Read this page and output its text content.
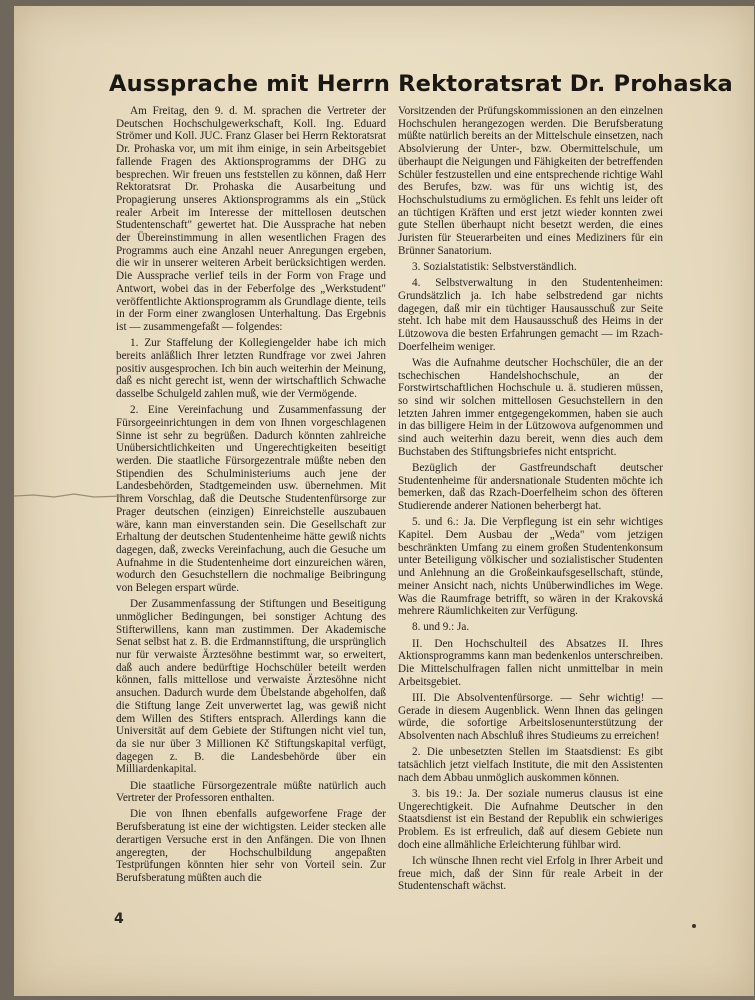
Aussprache mit Herrn Rektoratsrat Dr. Prohaska

Am Freitag, den 9. d. M. sprachen die Vertreter der Deutschen Hochschulgewerkschaft, Koll. Ing. Eduard Strömer und Koll. JUC. Franz Glaser bei Herrn Rektoratsrat Dr. Prohaska vor, um mit ihm einige, in sein Arbeitsgebiet fallende Fragen des Aktionsprogramms der DHG zu besprechen. Wir freuen uns feststellen zu können, daß Herr Rektoratsrat Dr. Prohaska die Ausarbeitung und Propagierung unseres Aktionsprogramms als ein „Stück realer Arbeit im Interesse der mittellosen deutschen Studentenschaft" gewertet hat. Die Aussprache hat neben der Übereinstimmung in allen wesentlichen Fragen des Programms auch eine Anzahl neuer Anregungen ergeben, die wir in unserer weiteren Arbeit berücksichtigen werden. Die Aussprache verlief teils in der Form von Frage und Antwort, wobei das in der Feberfolge des „Werkstudent" veröffentlichte Aktionsprogramm als Grundlage diente, teils in der Form einer zwanglosen Unterhaltung. Das Ergebnis ist — zusammengefaßt — folgendes:

1. Zur Staffelung der Kollegiengelder habe ich mich bereits anläßlich Ihrer letzten Rundfrage vor zwei Jahren positiv ausgesprochen. Ich bin auch weiterhin der Meinung, daß es nicht gerecht ist, wenn der wirtschaftlich Schwache dasselbe Schulgeld zahlen muß, wie der Vermögende.

2. Eine Vereinfachung und Zusammenfassung der Fürsorgeeinrichtungen in dem von Ihnen vorgeschlagenen Sinne ist sehr zu begrüßen. Dadurch könnten zahlreiche Unübersichtlichkeiten und Ungerechtigkeiten beseitigt werden. Die staatliche Fürsorgezentrale müßte neben den Stipendien des Schulministeriums auch jene der Landesbehörden, Stadtgemeinden usw. übernehmen. Mit Ihrem Vorschlag, daß die Deutsche Studentenfürsorge zur Prager deutschen (einzigen) Einreichstelle auszubauen wäre, kann man einverstanden sein. Die Gesellschaft zur Erhaltung der deutschen Studentenheime hätte gewiß nichts dagegen, daß, zwecks Vereinfachung, auch die Gesuche um Aufnahme in die Studentenheime dort einzureichen wären, wodurch den Gesuchstellern die nochmalige Beibringung von Belegen erspart würde.

Der Zusammenfassung der Stiftungen und Beseitigung unmöglicher Bedingungen, bei sonstiger Achtung des Stifterwillens, kann man zustimmen. Der Akademische Senat selbst hat z. B. die Erdmannstiftung, die ursprünglich nur für verwaiste Ärztesöhne bestimmt war, so erweitert, daß auch andere bedürftige Hochschüler beteilt werden können, falls mittellose und verwaiste Ärztesöhne nicht ansuchen. Dadurch wurde dem Übelstande abgeholfen, daß die Stiftung lange Zeit unverwertet lag, was gewiß nicht dem Willen des Stifters entsprach. Allerdings kann die Universität auf dem Gebiete der Stiftungen nicht viel tun, da sie nur über 3 Millionen Kč Stiftungskapital verfügt, dagegen z. B. die Landesbehörde über ein Milliardenkapital.

Die staatliche Fürsorgezentrale müßte natürlich auch Vertreter der Professoren enthalten.

Die von Ihnen ebenfalls aufgeworfene Frage der Berufsberatung ist eine der wichtigsten. Leider stecken alle derartigen Versuche erst in den Anfängen. Die von Ihnen angeregten, der Hochschulbildung angepaßten Testprüfungen könnten hier sehr von Vorteil sein. Zur Berufsberatung müßten auch die

Vorsitzenden der Prüfungskommissionen an den einzelnen Hochschulen herangezogen werden. Die Berufsberatung müßte natürlich bereits an der Mittelschule einsetzen, nach Absolvierung der Unter-, bzw. Obermittelschule, um überhaupt die Neigungen und Fähigkeiten der betreffenden Schüler festzustellen und eine entsprechende richtige Wahl des Berufes, bzw. was für uns wichtig ist, des Hochschulstudiums zu ermöglichen. Es fehlt uns leider oft an tüchtigen Kräften und erst jetzt wieder konnten zwei gute Stellen überhaupt nicht besetzt werden, die eines Juristen für Steuerarbeiten und eines Mediziners für ein Brünner Sanatorium.

3. Sozialstatistik: Selbstverständlich.

4. Selbstverwaltung in den Studentenheimen: Grundsätzlich ja. Ich habe selbstredend gar nichts dagegen, daß mir ein tüchtiger Hausausschuß zur Seite steht. Ich habe mit dem Hausausschuß des Heims in der Lützowova die besten Erfahrungen gemacht — im Rzach-Doerfelheim weniger.

Was die Aufnahme deutscher Hochschüler, die an der tschechischen Handelshochschule, an der Forstwirtschaftlichen Hochschule u. ä. studieren müssen, so sind wir solchen mittellosen Gesuchstellern in den letzten Jahren immer entgegengekommen, haben sie auch in das billigere Heim in der Lützowova aufgenommen und sind auch weiterhin dazu bereit, wenn dies auch dem Buchstaben des Stiftungsbriefes nicht entspricht.

Bezüglich der Gastfreundschaft deutscher Studentenheime für andersnationale Studenten möchte ich bemerken, daß das Rzach-Doerfelheim schon des öfteren Studierende anderer Nationen beherbergt hat.

5. und 6.: Ja. Die Verpflegung ist ein sehr wichtiges Kapitel. Dem Ausbau der „Weda" vom jetzigen beschränkten Umfang zu einem großen Studentenkonsum unter Beteiligung völkischer und sozialistischer Studenten und Anlehnung an die Großeinkaufsgesellschaft, stünde, meiner Ansicht nach, nichts Unüberwindliches im Wege. Was die Raumfrage betrifft, so wären in der Krakovská mehrere Räumlichkeiten zur Verfügung.

8. und 9.: Ja.

II. Den Hochschulteil des Absatzes II. Ihres Aktionsprogramms kann man bedenkenlos unterschreiben. Die Mittelschulfragen fallen nicht unmittelbar in mein Arbeitsgebiet.

III. Die Absolventenfürsorge. — Sehr wichtig! — Gerade in diesem Augenblick. Wenn Ihnen das gelingen würde, die sofortige Arbeitslosenunterstützung der Absolventen nach Abschluß ihres Studieums zu erreichen!

2. Die unbesetzten Stellen im Staatsdienst: Es gibt tatsächlich jetzt vielfach Institute, die mit den Assistenten nach dem Abbau unmöglich auskommen können.

3. bis 19.: Ja. Der soziale numerus clausus ist eine Ungerechtigkeit. Die Aufnahme Deutscher in den Staatsdienst ist ein Bestand der Republik ein schwieriges Problem. Es ist erfreulich, daß auf diesem Gebiete nun doch eine allmähliche Erleichterung fühlbar wird.

Ich wünsche Ihnen recht viel Erfolg in Ihrer Arbeit und freue mich, daß der Sinn für reale Arbeit in der Studentenschaft wächst.

4
